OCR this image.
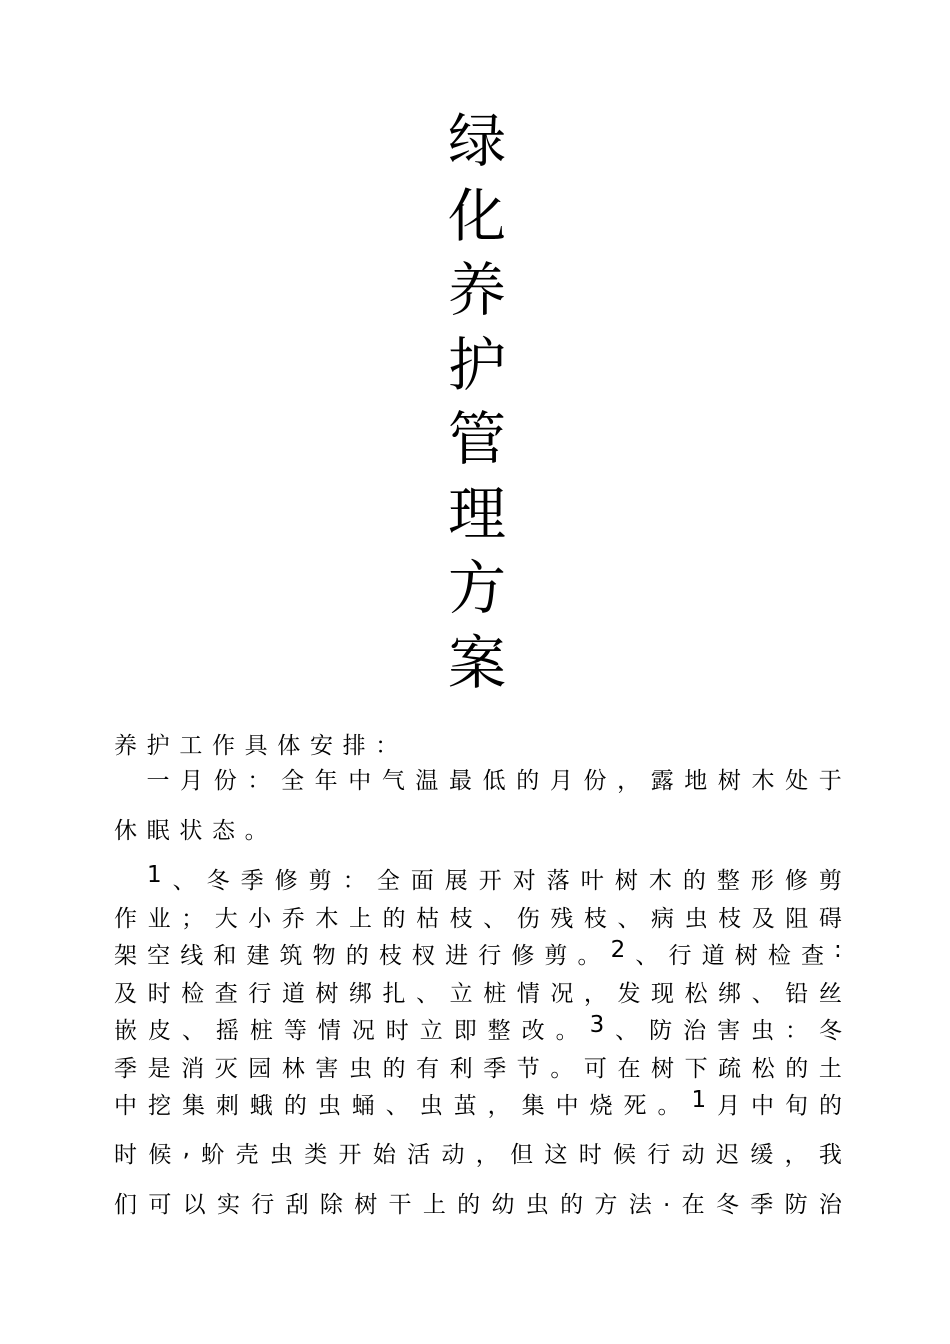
绿
化
养
护
管
理
方
案
养护工作具体安排：

一 月 份 ： 全 年 中 气 温 最 低 的 月 份 ， 露 地 树 木 处 于
休眠状态。

1 、 冬 季 修 剪 ： 全 面 展 开 对 落 叶 树 木 的 整 形 修 剪
作 业 ； 大 小 乔 木 上 的 枯 枝 、 伤 残 枝 、 病 虫 枝 及 阻 碍
架 空 线 和 建 筑 物 的 枝 杈 进 行 修 剪 。 2 、 行 道 树 检 查 :
及 时 检 查 行 道 树 绑 扎 、 立 桩 情 况 ， 发 现 松 绑 、 铅 丝
嵌 皮 、 摇 桩 等 情 况 时 立 即 整 改 。 3 、 防 治 害 虫 ： 冬
季 是 消 灭 园 林 害 虫 的 有 利 季 节 。 可 在 树 下 疏 松 的 土
中 挖 集 刺 蛾 的 虫 蛹 、 虫 茧 ， 集 中 烧 死 。 1 月 中 旬 的
时 候 , 蚧 壳 虫 类 开 始 活 动 ， 但 这 时 候 行 动 迟 缓 ， 我
们 可 以 实 行 刮 除 树 干 上 的 幼 虫 的 方 法 . 在 冬 季 防 治
